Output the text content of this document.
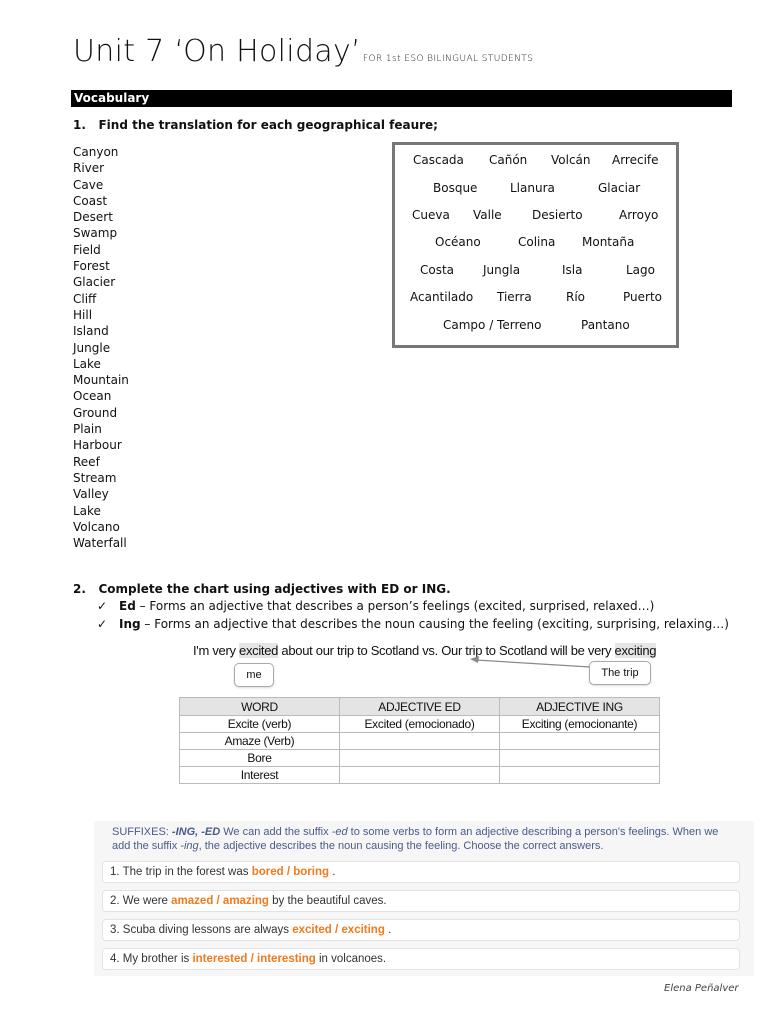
Unit 7 ‘On Holiday’ FOR 1st ESO BILINGUAL STUDENTS
Vocabulary
1. Find the translation for each geographical feaure;
Canyon
River
Cave
Coast
Desert
Swamp
Field
Forest
Glacier
Cliff
Hill
Island
Jungle
Lake
Mountain
Ocean
Ground
Plain
Harbour
Reef
Stream
Valley
Lake
Volcano
Waterfall
Cascada Cañón Volcán Arrecife
Bosque	Llanura	Glaciar
Cueva Valle	Desierto	Arroyo
Océano	Colina Montaña
Costa Jungla	Isla	Lago
Acantilado Tierra	Río	Puerto
Campo / Terreno	Pantano
2. Complete the chart using adjectives with ED or ING.
✓ Ed – Forms an adjective that describes a person’s feelings (excited, surprised, relaxed…)
✓ Ing – Forms an adjective that describes the noun causing the feeling (exciting, surprising, relaxing…)
I'm very excited about our trip to Scotland vs. Our trip to Scotland will be very exciting
me	The trip
WORD	ADJECTIVE ED	ADJECTIVE ING
Excite (verb)	Excited (emocionado)	Exciting (emocionante)
Amaze (Verb)		
Bore		
Interest		
SUFFIXES: -ING, -ED We can add the suffix -ed to some verbs to form an adjective describing a person's feelings. When we add the suffix -ing, the adjective describes the noun causing the feeling. Choose the correct answers.
1. The trip in the forest was bored / boring .
2. We were amazed / amazing by the beautiful caves.
3. Scuba diving lessons are always excited / exciting .
4. My brother is interested / interesting in volcanoes.
Elena Peñalver
